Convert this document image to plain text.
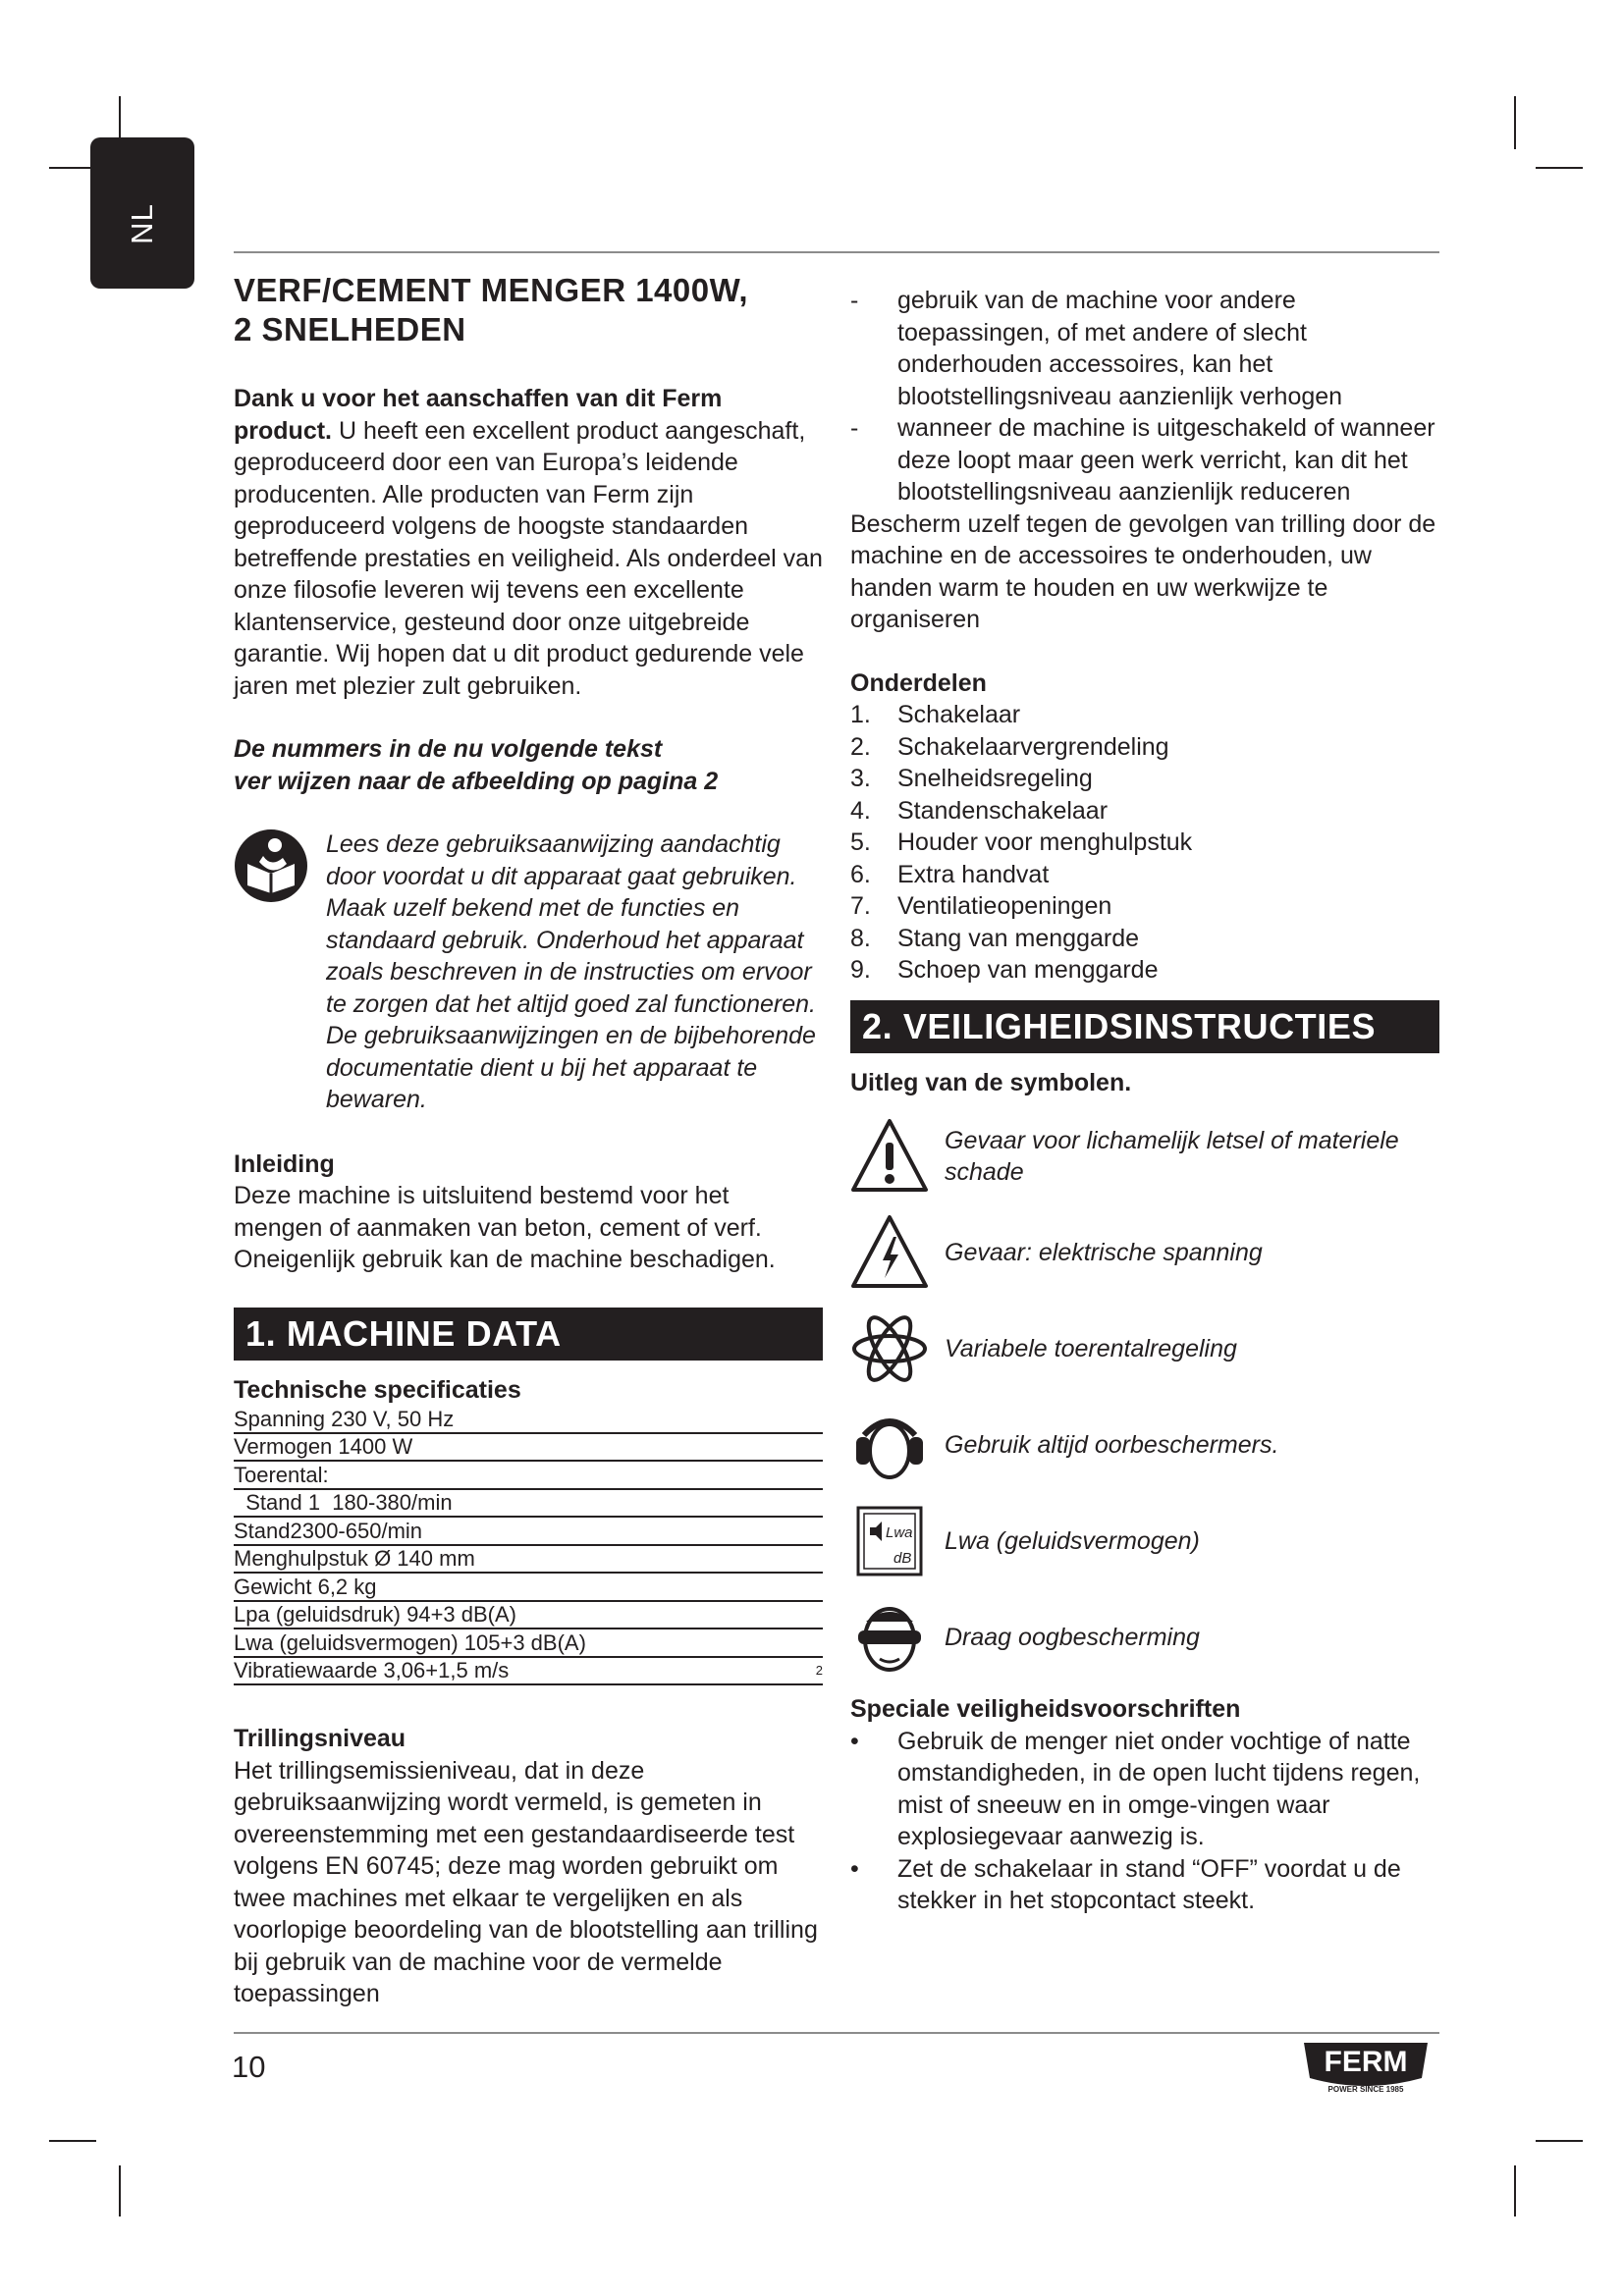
NL
VERF/CEMENT MENGER 1400W,
2 SNELHEDEN

Dank u voor het aanschaffen van dit Ferm product. U heeft een excellent product aangeschaft, geproduceerd door een van Europa’s leidende producenten. Alle producten van Ferm zijn geproduceerd volgens de hoogste standaarden betreffende prestaties en veiligheid. Als onderdeel van onze filosofie leveren wij tevens een excellente klantenservice, gesteund door onze uitgebreide garantie. Wij hopen dat u dit product gedurende vele jaren met plezier zult gebruiken.

De nummers in de nu volgende tekst
ver wijzen naar de afbeelding op pagina 2

Lees deze gebruiksaanwijzing aandachtig door voordat u dit apparaat gaat gebruiken. Maak uzelf bekend met de functies en standaard gebruik. Onderhoud het apparaat zoals beschreven in de instructies om ervoor te zorgen dat het altijd goed zal functioneren. De gebruiksaanwijzingen en de bijbehorende documentatie dient u bij het apparaat te bewaren.

Inleiding

Deze machine is uitsluitend bestemd voor het mengen of aanmaken van beton, cement of verf. Oneigenlijk gebruik kan de machine beschadigen.

1. MACHINE DATA
Technische specificaties
Spanning 230 V, 50 Hz
Vermogen 1400 W
Toerental:
Stand 1  180-380/min
Stand2300-650/min
Menghulpstuk Ø 140 mm
Gewicht 6,2 kg
Lpa (geluidsdruk) 94+3 dB(A)
Lwa (geluidsvermogen) 105+3 dB(A)
Vibratiewaarde 3,06+1,5 m/s	2
Trillingsniveau

Het trillingsemissieniveau, dat in deze gebruiksaanwijzing wordt vermeld, is gemeten in overeenstemming met een gestandaardiseerde test volgens EN 60745; deze mag worden gebruikt om twee machines met elkaar te vergelijken en als voorlopige beoordeling van de blootstelling aan trilling bij gebruik van de machine voor de vermelde toepassingen

- gebruik van de machine voor andere toepassingen, of met andere of slecht onderhouden accessoires, kan het blootstellingsniveau aanzienlijk verhogen
- wanneer de machine is uitgeschakeld of wanneer deze loopt maar geen werk verricht, kan dit het blootstellingsniveau aanzienlijk reduceren

Bescherm uzelf tegen de gevolgen van trilling door de machine en de accessoires te onderhouden, uw handen warm te houden en uw werkwijze te organiseren

Onderdelen
1. Schakelaar
2. Schakelaarvergrendeling
3. Snelheidsregeling
4. Standenschakelaar
5. Houder voor menghulpstuk
6. Extra handvat
7. Ventilatieopeningen
8. Stang van menggarde
9. Schoep van menggarde
2. VEILIGHEIDSINSTRUCTIES
Uitleg van de symbolen.
Gevaar voor lichamelijk letsel of materiele schade
Gevaar: elektrische spanning
Variabele toerentalregeling
Gebruik altijd oorbeschermers.
Lwa
dB
Lwa (geluidsvermogen)
Draag oogbescherming
Speciale veiligheidsvoorschriften
• Gebruik de menger niet onder vochtige of natte omstandigheden, in de open lucht tijdens regen, mist of sneeuw en in omge-vingen waar explosiegevaar aanwezig is.
• Zet de schakelaar in stand “OFF” voordat u de stekker in het stopcontact steekt.
10	FERM
POWER SINCE 1985
